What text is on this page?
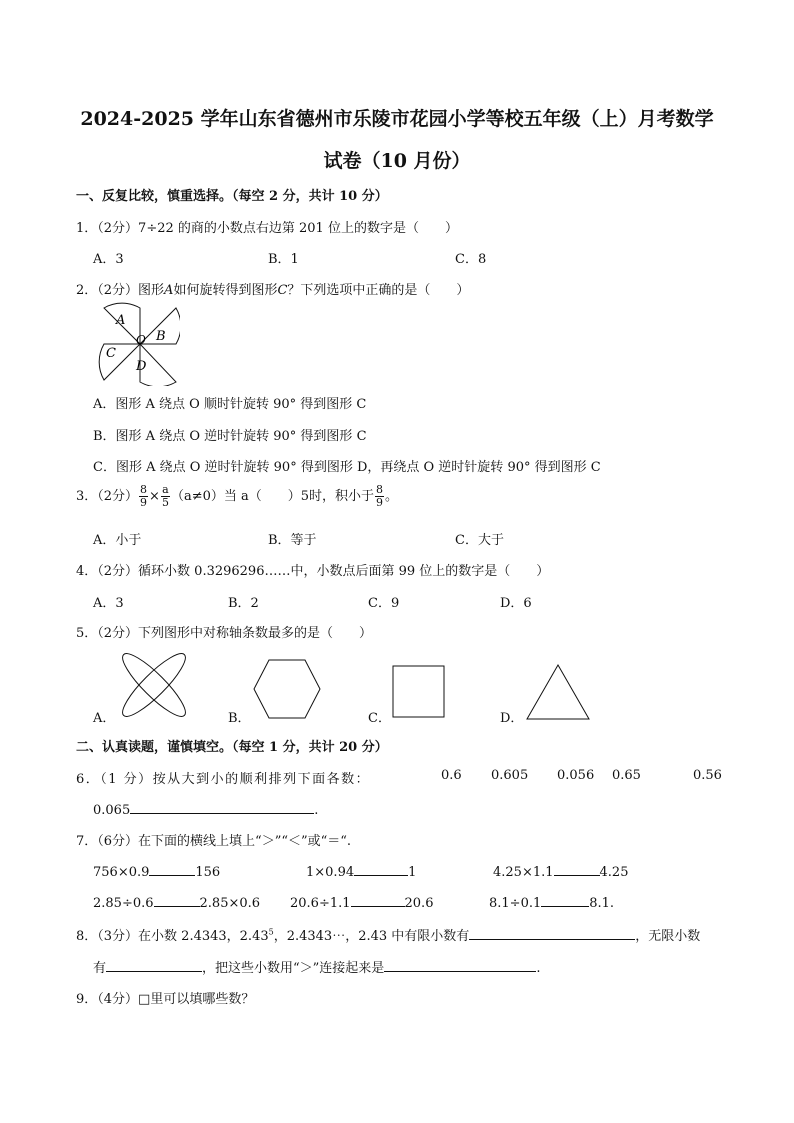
2024-2025 学年山东省德州市乐陵市花园小学等校五年级（上）月考数学
试卷（10 月份）
一、反复比较，慎重选择。（每空 2 分，共计 10 分）
1．（2分）7÷22 的商的小数点右边第 201 位上的数字是（　　）
A．3	B．1	C．8
2．（2分）图形A如何旋转得到图形C？下列选项中正确的是（　　）
A
B
C
O
D
A．图形 A 绕点 O 顺时针旋转 90° 得到图形 C
B．图形 A 绕点 O 逆时针旋转 90° 得到图形 C
C．图形 A 绕点 O 逆时针旋转 90° 得到图形 D，再绕点 O 逆时针旋转 90° 得到图形 C
3．（2分） $\frac{8}{9} \times \frac{a}{5} (a\ne 0)$当 a（　　）5时，积小于 $\frac{8}{9}$ 。
A．小于	B．等于	C．大于
4．（2分）循环小数 0.3296296……中，小数点后面第 99 位上的数字是（　　）
A．3	B．2	C．9	D．6
5．（2分）下列图形中对称轴条数最多的是（　　）
A．	B．	C．	D．
二、认真读题，谨慎填空。（每空 1 分，共计 20 分）
6．（1 分）按从大到小的顺利排列下面各数：	0.6 0.605 0.056 0.65	0.56
0.065	.
7．（6分）在下面的横线上填上“＞”“＜”或“＝“.
756×0.9	156	1×0.94	1	4.25×1.1	4.25
2.85÷0.6	2.85×0.6 20.6÷1.1	20.6	8.1÷0.1	8.1.
8．（3分）在小数 2.4343，2.43$^5$，2.4343⋯，2.43 中有限小数有	，无限小数
有	，把这些小数用“＞”连接起来是	.
9．（4分）□里可以填哪些数？
